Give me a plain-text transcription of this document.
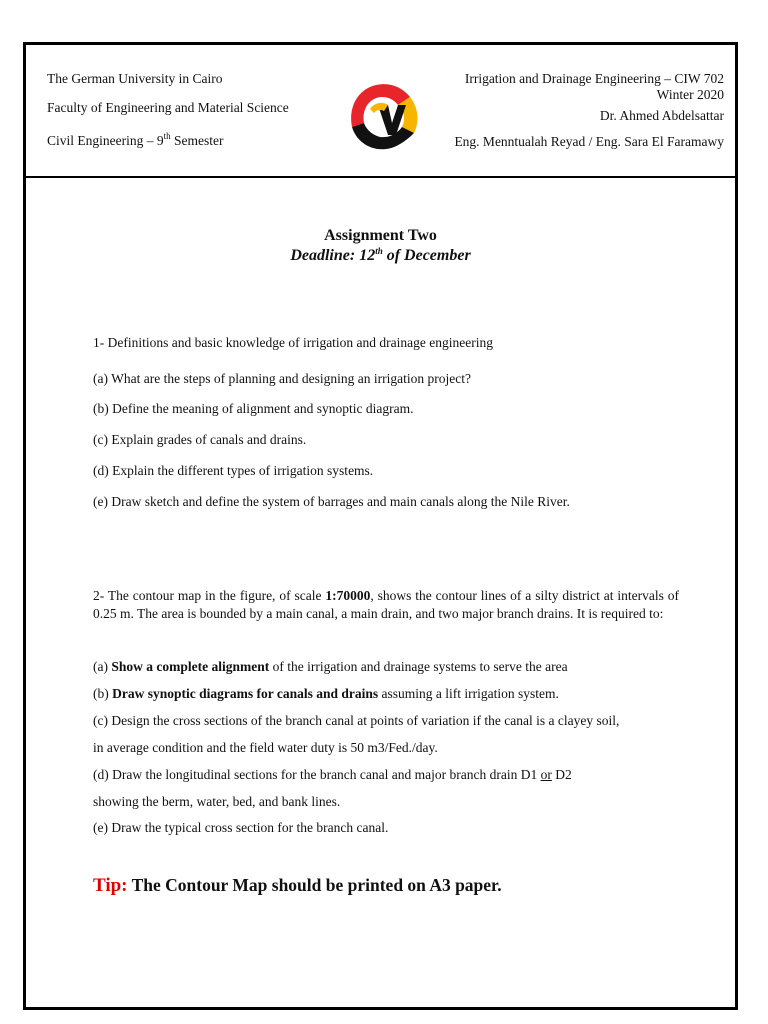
The German University in Cairo
Faculty of Engineering and Material Science
Civil Engineering – 9th Semester
Irrigation and Drainage Engineering – CIW 702
Winter 2020
Dr. Ahmed Abdelsattar
Eng. Menntualah Reyad / Eng. Sara El Faramawy
Assignment Two
Deadline: 12th of December
1- Definitions and basic knowledge of irrigation and drainage engineering
(a) What are the steps of planning and designing an irrigation project?
(b) Define the meaning of alignment and synoptic diagram.
(c) Explain grades of canals and drains.
(d) Explain the different types of irrigation systems.
(e) Draw sketch and define the system of barrages and main canals along the Nile River.
2- The contour map in the figure, of scale 1:70000, shows the contour lines of a silty district at intervals of 0.25 m. The area is bounded by a main canal, a main drain, and two major branch drains. It is required to:
(a) Show a complete alignment of the irrigation and drainage systems to serve the area
(b) Draw synoptic diagrams for canals and drains assuming a lift irrigation system.
(c) Design the cross sections of the branch canal at points of variation if the canal is a clayey soil,
in average condition and the field water duty is 50 m3/Fed./day.
(d) Draw the longitudinal sections for the branch canal and major branch drain D1 or D2
showing the berm, water, bed, and bank lines.
(e) Draw the typical cross section for the branch canal.
Tip: The Contour Map should be printed on A3 paper.
